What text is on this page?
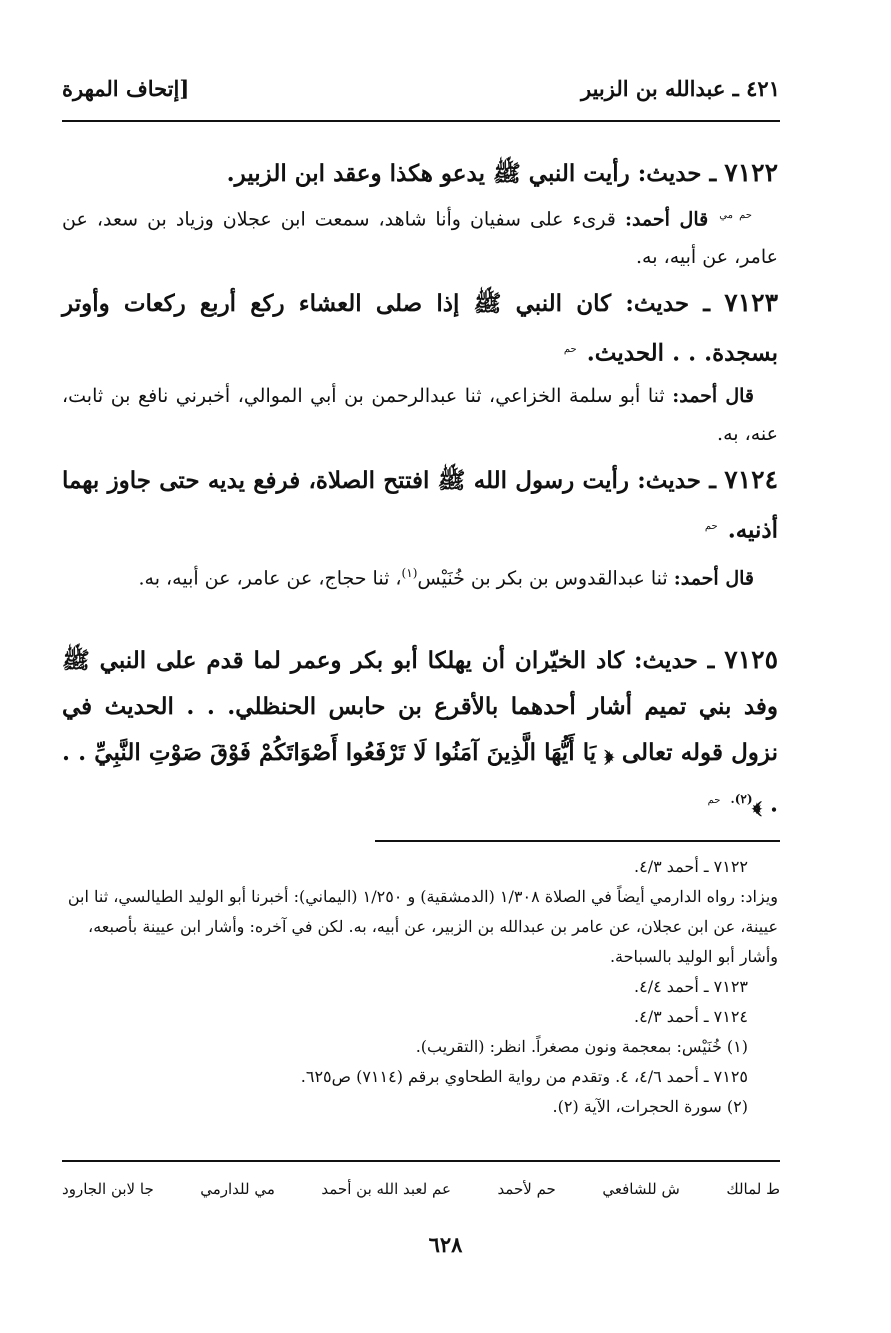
٤٢١ ـ عبدالله بن الزبير
[إتحاف المهرة

٧١٢٢ ـ حديث: رأيت النبي ﷺ يدعو هكذا وعقد ابن الزبير.

$^{حم مي}$ قال أحمد: قرىء على سفيان وأنا شاهد، سمعت ابن عجلان وزياد بن سعد، عن عامر، عن أبيه، به.

٧١٢٣ ـ حديث: كان النبي ﷺ إذا صلى العشاء ركع أربع ركعات وأوتر بسجدة. . . الحديث. $^{حم}$

قال أحمد: ثنا أبو سلمة الخزاعي، ثنا عبدالرحمن بن أبي الموالي، أخبرني نافع بن ثابت، عنه، به.

٧١٢٤ ـ حديث: رأيت رسول الله ﷺ افتتح الصلاة، فرفع يديه حتى جاوز بهما أذنيه. $^{حم}$

قال أحمد: ثنا عبدالقدوس بن بكر بن خُنَيْس$^{(١)}$، ثنا حجاج، عن عامر، عن أبيه، به.

٧١٢٥ ـ حديث: كاد الخيّران أن يهلكا أبو بكر وعمر لما قدم على النبي ﷺ وفد بني تميم أشار أحدهما بالأقرع بن حابس الحنظلي. . . الحديث في نزول قوله تعالى ﴿ يَا أَيُّهَا الَّذِينَ آمَنُوا لَا تَرْفَعُوا أَصْوَاتَكُمْ فَوْقَ صَوْتِ النَّبِيِّ . . . ﴾$^{(٢).}$ $^{حم}$

٧١٢٢ ـ أحمد ٤/٣.

ويزاد: رواه الدارمي أيضاً في الصلاة ١/٣٠٨ (الدمشقية) و ١/٢٥٠ (اليماني): أخبرنا أبو الوليد الطيالسي، ثنا ابن عيينة، عن ابن عجلان، عن عامر بن عبدالله بن الزبير، عن أبيه، به. لكن في آخره: وأشار ابن عيينة بأصبعه، وأشار أبو الوليد بالسباحة.

٧١٢٣ ـ أحمد ٤/٤.

٧١٢٤ ـ أحمد ٤/٣.

(١) خُنَيْس: بمعجمة ونون مصغراً. انظر: (التقريب).

٧١٢٥ ـ أحمد ٤/٦، ٤. وتقدم من رواية الطحاوي برقم (٧١١٤) ص٦٢٥.

(٢) سورة الحجرات، الآية (٢).

ط لمالك
ش للشافعي
حم لأحمد
عم لعبد الله بن أحمد
مي للدارمي
جا لابن الجارود
٦٢٨
